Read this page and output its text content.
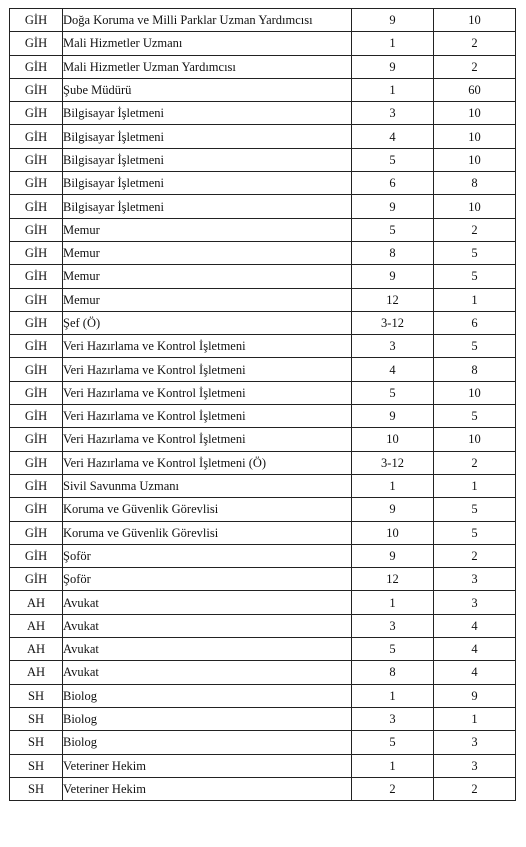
GİH	Doğa Koruma ve Milli Parklar Uzman Yardımcısı	9	10
GİH	Mali Hizmetler Uzmanı	1	2
GİH	Mali Hizmetler Uzman Yardımcısı	9	2
GİH	Şube Müdürü	1	60
GİH	Bilgisayar İşletmeni	3	10
GİH	Bilgisayar İşletmeni	4	10
GİH	Bilgisayar İşletmeni	5	10
GİH	Bilgisayar İşletmeni	6	8
GİH	Bilgisayar İşletmeni	9	10
GİH	Memur	5	2
GİH	Memur	8	5
GİH	Memur	9	5
GİH	Memur	12	1
GİH	Şef (Ö)	3-12	6
GİH	Veri Hazırlama ve Kontrol İşletmeni	3	5
GİH	Veri Hazırlama ve Kontrol İşletmeni	4	8
GİH	Veri Hazırlama ve Kontrol İşletmeni	5	10
GİH	Veri Hazırlama ve Kontrol İşletmeni	9	5
GİH	Veri Hazırlama ve Kontrol İşletmeni	10	10
GİH	Veri Hazırlama ve Kontrol İşletmeni (Ö)	3-12	2
GİH	Sivil Savunma Uzmanı	1	1
GİH	Koruma ve Güvenlik Görevlisi	9	5
GİH	Koruma ve Güvenlik Görevlisi	10	5
GİH	Şoför	9	2
GİH	Şoför	12	3
AH	Avukat	1	3
AH	Avukat	3	4
AH	Avukat	5	4
AH	Avukat	8	4
SH	Biolog	1	9
SH	Biolog	3	1
SH	Biolog	5	3
SH	Veteriner Hekim	1	3
SH	Veteriner Hekim	2	2
